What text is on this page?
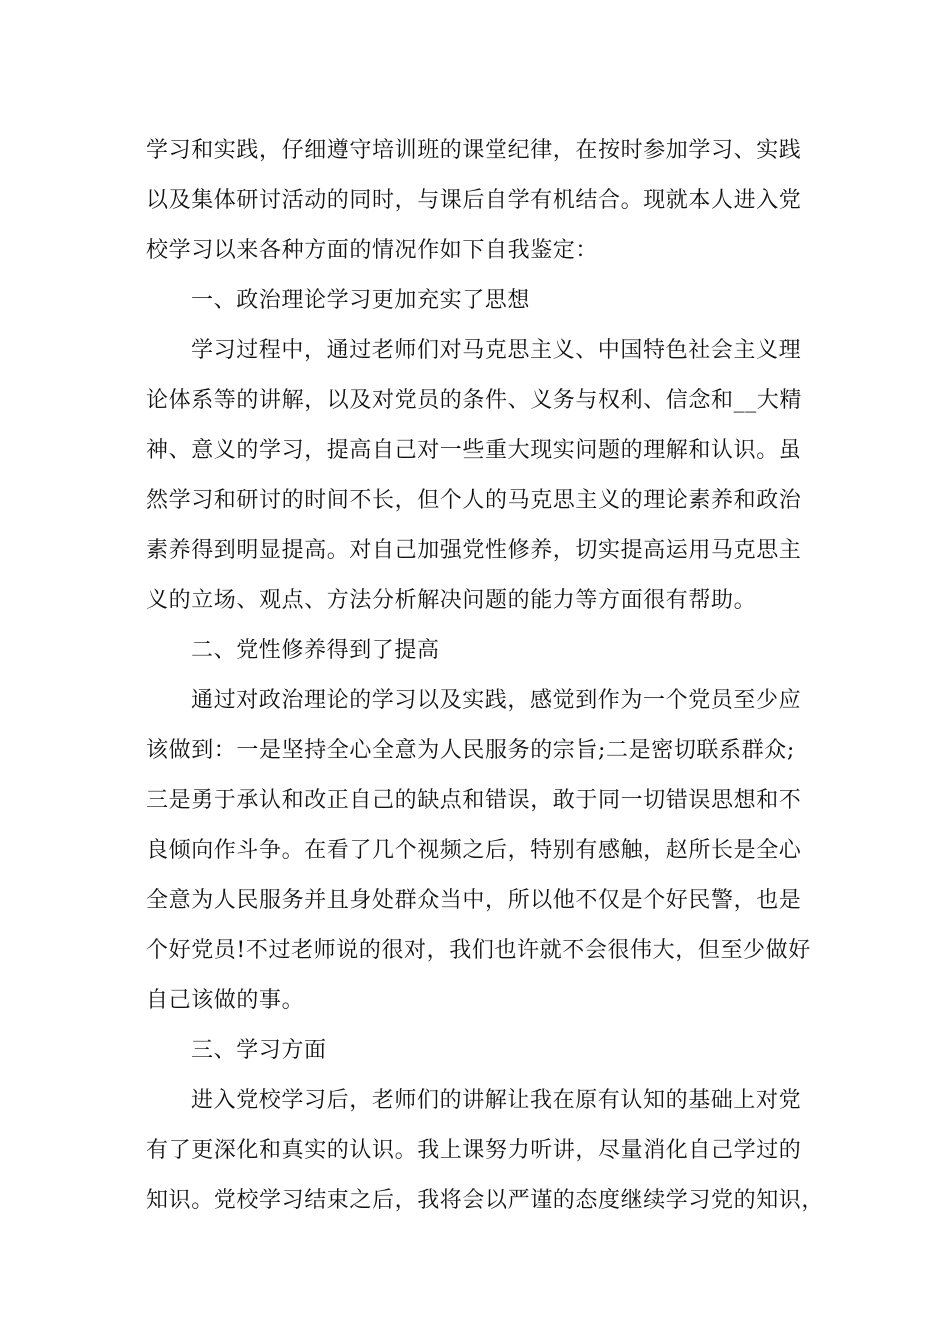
学习和实践，仔细遵守培训班的课堂纪律，在按时参加学习、实践
以及集体研讨活动的同时，与课后自学有机结合。现就本人进入党
校学习以来各种方面的情况作如下自我鉴定：
一、政治理论学习更加充实了思想
学习过程中，通过老师们对马克思主义、中国特色社会主义理
论体系等的讲解，以及对党员的条件、义务与权利、信念和__大精
神、意义的学习，提高自己对一些重大现实问题的理解和认识。虽
然学习和研讨的时间不长，但个人的马克思主义的理论素养和政治
素养得到明显提高。对自己加强党性修养，切实提高运用马克思主
义的立场、观点、方法分析解决问题的能力等方面很有帮助。
二、党性修养得到了提高
通过对政治理论的学习以及实践，感觉到作为一个党员至少应
该做到：一是坚持全心全意为人民服务的宗旨;二是密切联系群众;
三是勇于承认和改正自己的缺点和错误，敢于同一切错误思想和不
良倾向作斗争。在看了几个视频之后，特别有感触，赵所长是全心
全意为人民服务并且身处群众当中，所以他不仅是个好民警，也是
个好党员!不过老师说的很对，我们也许就不会很伟大，但至少做好
自己该做的事。
三、学习方面
进入党校学习后，老师们的讲解让我在原有认知的基础上对党
有了更深化和真实的认识。我上课努力听讲，尽量消化自己学过的
知识。党校学习结束之后，我将会以严谨的态度继续学习党的知识，
